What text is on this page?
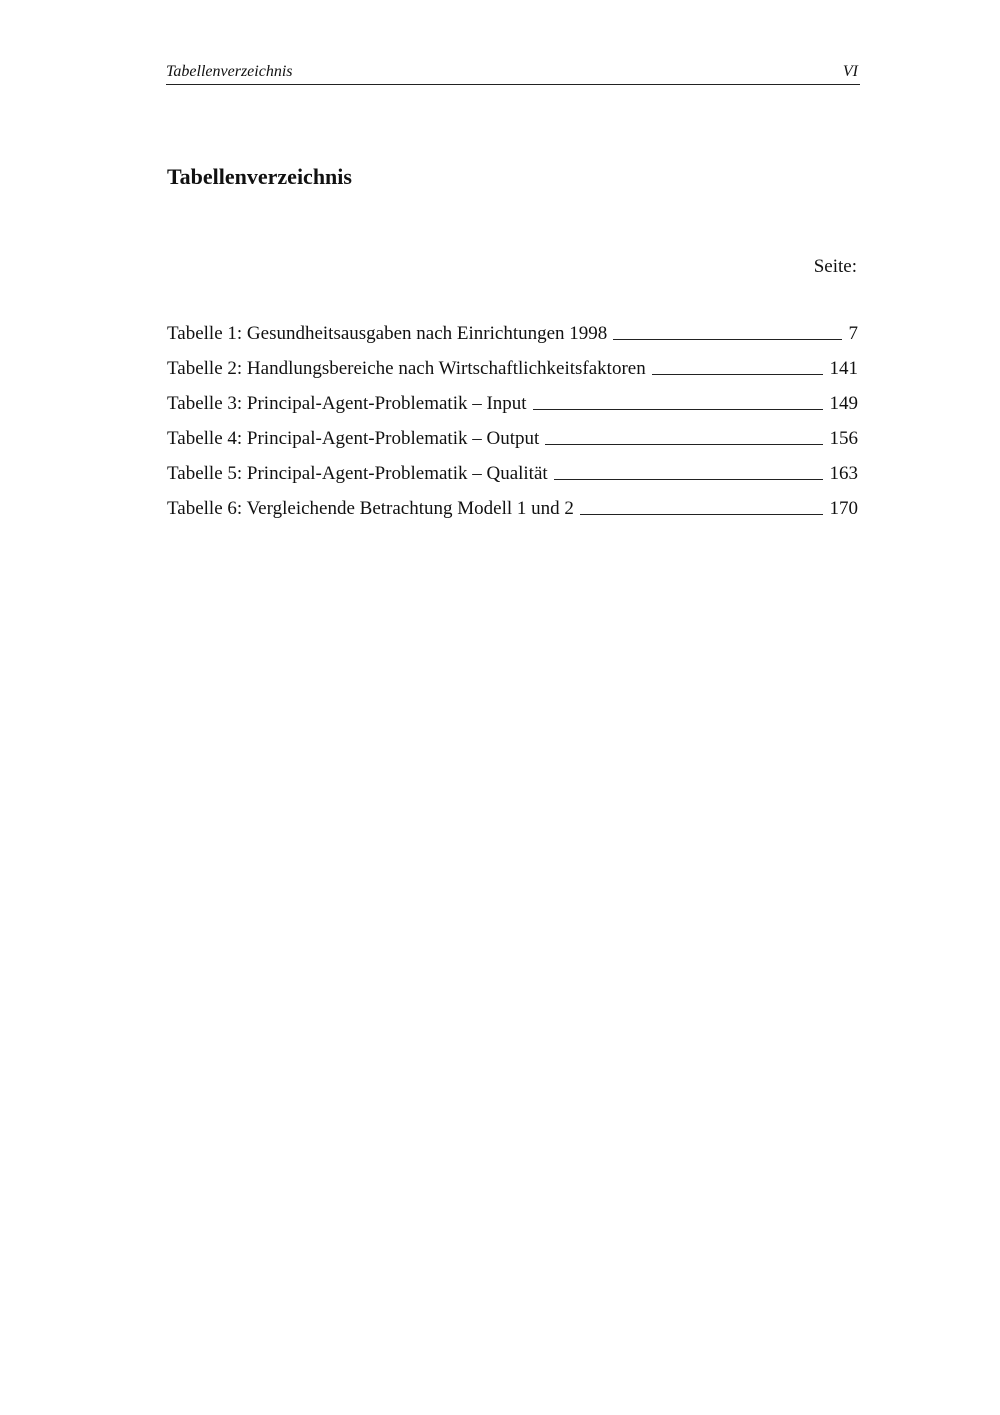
Tabellenverzeichnis	VI
Tabellenverzeichnis
Seite:
Tabelle 1: Gesundheitsausgaben nach Einrichtungen 1998	7
Tabelle 2: Handlungsbereiche nach Wirtschaftlichkeitsfaktoren	141
Tabelle 3: Principal-Agent-Problematik – Input	149
Tabelle 4: Principal-Agent-Problematik – Output	156
Tabelle 5: Principal-Agent-Problematik – Qualität	163
Tabelle 6: Vergleichende Betrachtung Modell 1 und 2	170
